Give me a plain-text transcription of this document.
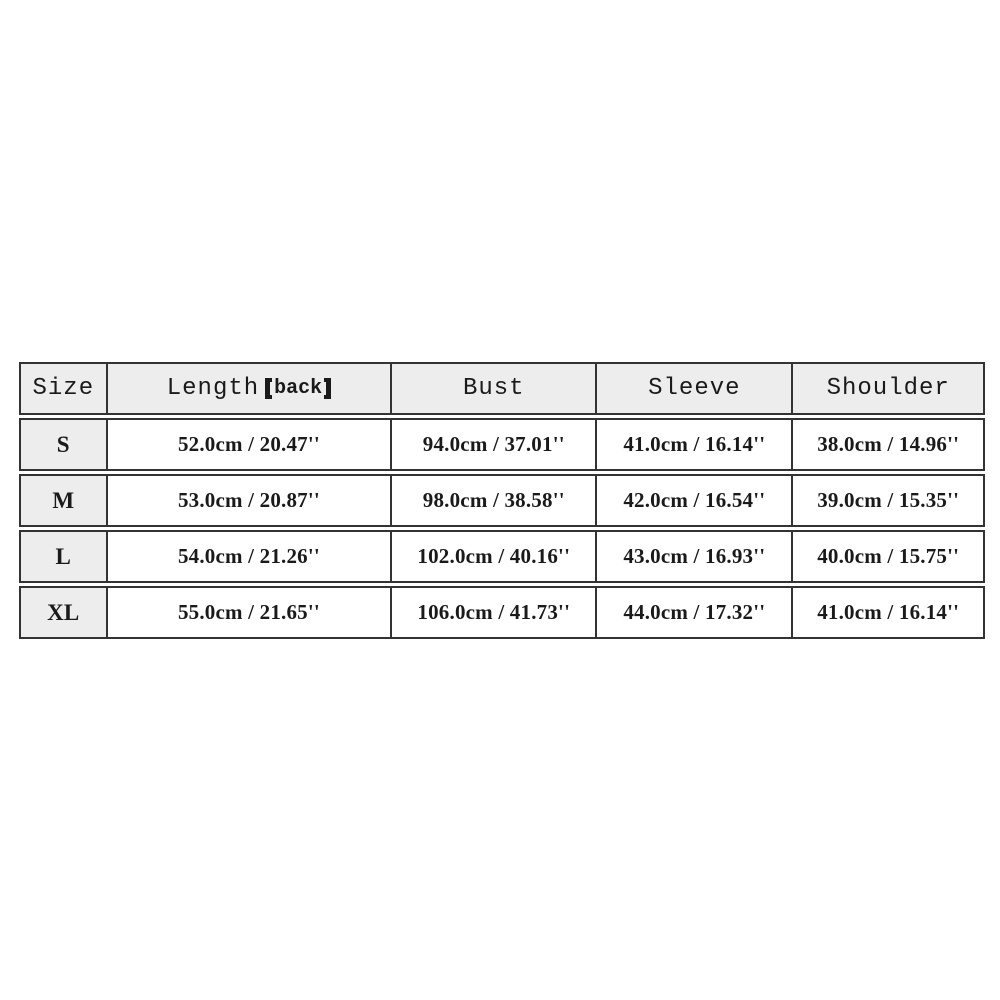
Size	Length back	Bust	Sleeve	Shoulder
S	52.0cm / 20.47''	94.0cm / 37.01''	41.0cm / 16.14''	38.0cm / 14.96''
M	53.0cm / 20.87''	98.0cm / 38.58''	42.0cm / 16.54''	39.0cm / 15.35''
L	54.0cm / 21.26''	102.0cm / 40.16''	43.0cm / 16.93''	40.0cm / 15.75''
XL	55.0cm / 21.65''	106.0cm / 41.73''	44.0cm / 17.32''	41.0cm / 16.14''
